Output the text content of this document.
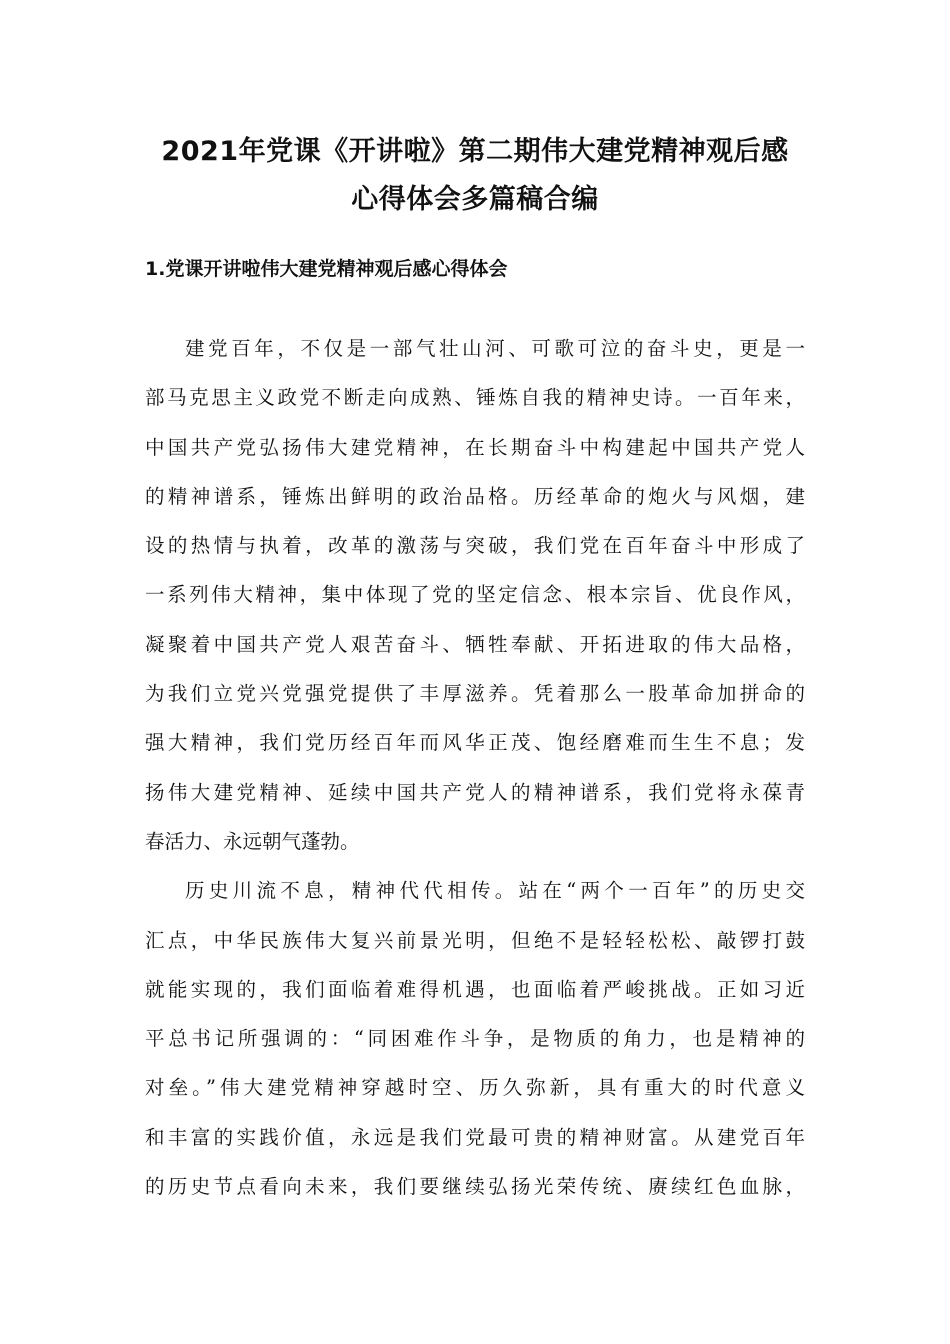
2021年党课《开讲啦》第二期伟大建党精神观后感
心得体会多篇稿合编
1.党课开讲啦伟大建党精神观后感心得体会
建党百年，不仅是一部气壮山河、可歌可泣的奋斗史，更是一
部马克思主义政党不断走向成熟、锤炼自我的精神史诗。一百年来，
中国共产党弘扬伟大建党精神，在长期奋斗中构建起中国共产党人
的精神谱系，锤炼出鲜明的政治品格。历经革命的炮火与风烟，建
设的热情与执着，改革的激荡与突破，我们党在百年奋斗中形成了
一系列伟大精神，集中体现了党的坚定信念、根本宗旨、优良作风，
凝聚着中国共产党人艰苦奋斗、牺牲奉献、开拓进取的伟大品格，
为我们立党兴党强党提供了丰厚滋养。凭着那么一股革命加拼命的
强大精神，我们党历经百年而风华正茂、饱经磨难而生生不息；发
扬伟大建党精神、延续中国共产党人的精神谱系，我们党将永葆青
春活力、永远朝气蓬勃。
历史川流不息，精神代代相传。站在“两个一百年”的历史交
汇点，中华民族伟大复兴前景光明，但绝不是轻轻松松、敲锣打鼓
就能实现的，我们面临着难得机遇，也面临着严峻挑战。正如习近
平总书记所强调的：“同困难作斗争，是物质的角力，也是精神的
对垒。”伟大建党精神穿越时空、历久弥新，具有重大的时代意义
和丰富的实践价值，永远是我们党最可贵的精神财富。从建党百年
的历史节点看向未来，我们要继续弘扬光荣传统、赓续红色血脉，
